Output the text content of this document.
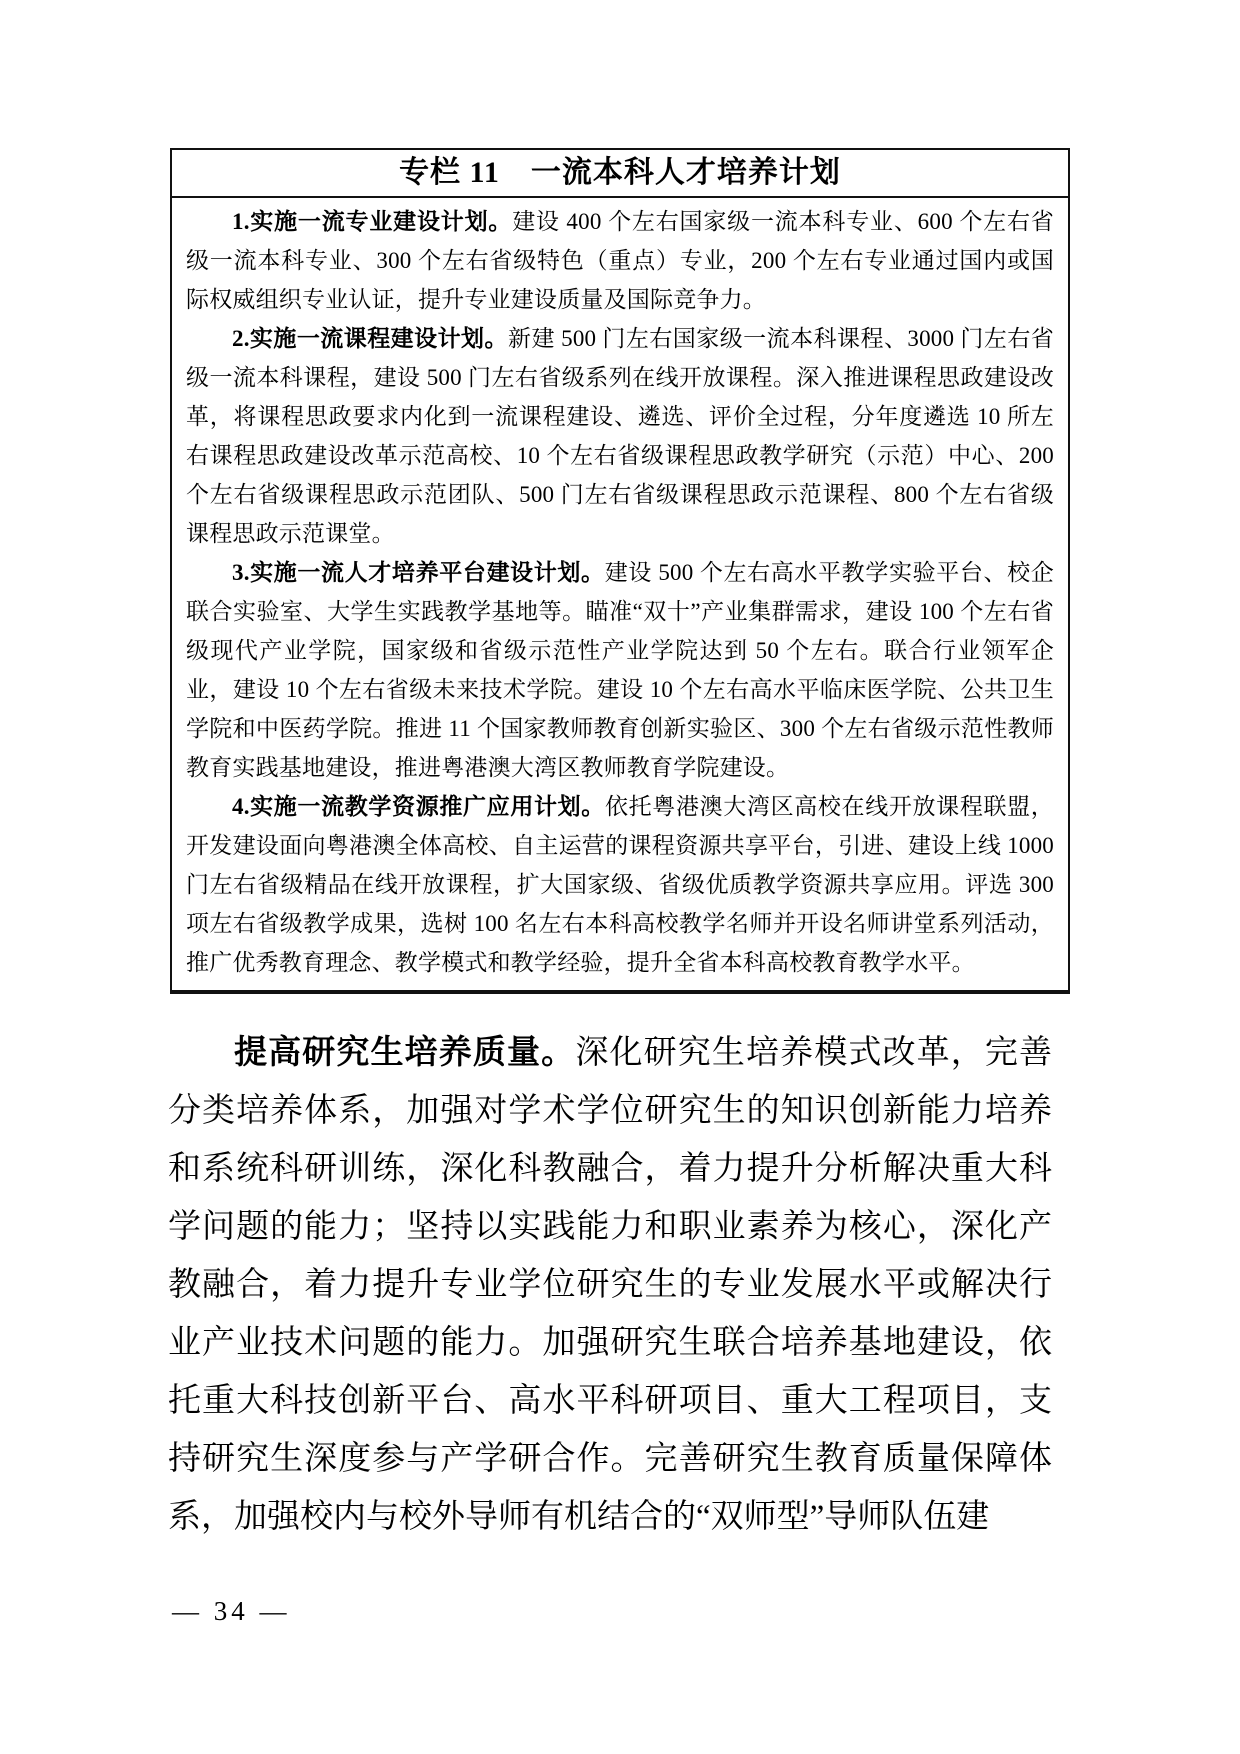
专栏 11　一流本科人才培养计划

1.实施一流专业建设计划。建设 400 个左右国家级一流本科专业、600 个左右省级一流本科专业、300 个左右省级特色（重点）专业，200 个左右专业通过国内或国际权威组织专业认证，提升专业建设质量及国际竞争力。

2.实施一流课程建设计划。新建 500 门左右国家级一流本科课程、3000 门左右省级一流本科课程，建设 500 门左右省级系列在线开放课程。深入推进课程思政建设改革，将课程思政要求内化到一流课程建设、遴选、评价全过程，分年度遴选 10 所左右课程思政建设改革示范高校、10 个左右省级课程思政教学研究（示范）中心、200 个左右省级课程思政示范团队、500 门左右省级课程思政示范课程、800 个左右省级课程思政示范课堂。

3.实施一流人才培养平台建设计划。建设 500 个左右高水平教学实验平台、校企联合实验室、大学生实践教学基地等。瞄准“双十”产业集群需求，建设 100 个左右省级现代产业学院，国家级和省级示范性产业学院达到 50 个左右。联合行业领军企业，建设 10 个左右省级未来技术学院。建设 10 个左右高水平临床医学院、公共卫生学院和中医药学院。推进 11 个国家教师教育创新实验区、300 个左右省级示范性教师教育实践基地建设，推进粤港澳大湾区教师教育学院建设。

4.实施一流教学资源推广应用计划。依托粤港澳大湾区高校在线开放课程联盟，开发建设面向粤港澳全体高校、自主运营的课程资源共享平台，引进、建设上线 1000 门左右省级精品在线开放课程，扩大国家级、省级优质教学资源共享应用。评选 300 项左右省级教学成果，选树 100 名左右本科高校教学名师并开设名师讲堂系列活动，推广优秀教育理念、教学模式和教学经验，提升全省本科高校教育教学水平。

提高研究生培养质量。深化研究生培养模式改革，完善分类培养体系，加强对学术学位研究生的知识创新能力培养和系统科研训练，深化科教融合，着力提升分析解决重大科学问题的能力；坚持以实践能力和职业素养为核心，深化产教融合，着力提升专业学位研究生的专业发展水平或解决行业产业技术问题的能力。加强研究生联合培养基地建设，依托重大科技创新平台、高水平科研项目、重大工程项目，支持研究生深度参与产学研合作。完善研究生教育质量保障体系，加强校内与校外导师有机结合的“双师型”导师队伍建

— 34 —
